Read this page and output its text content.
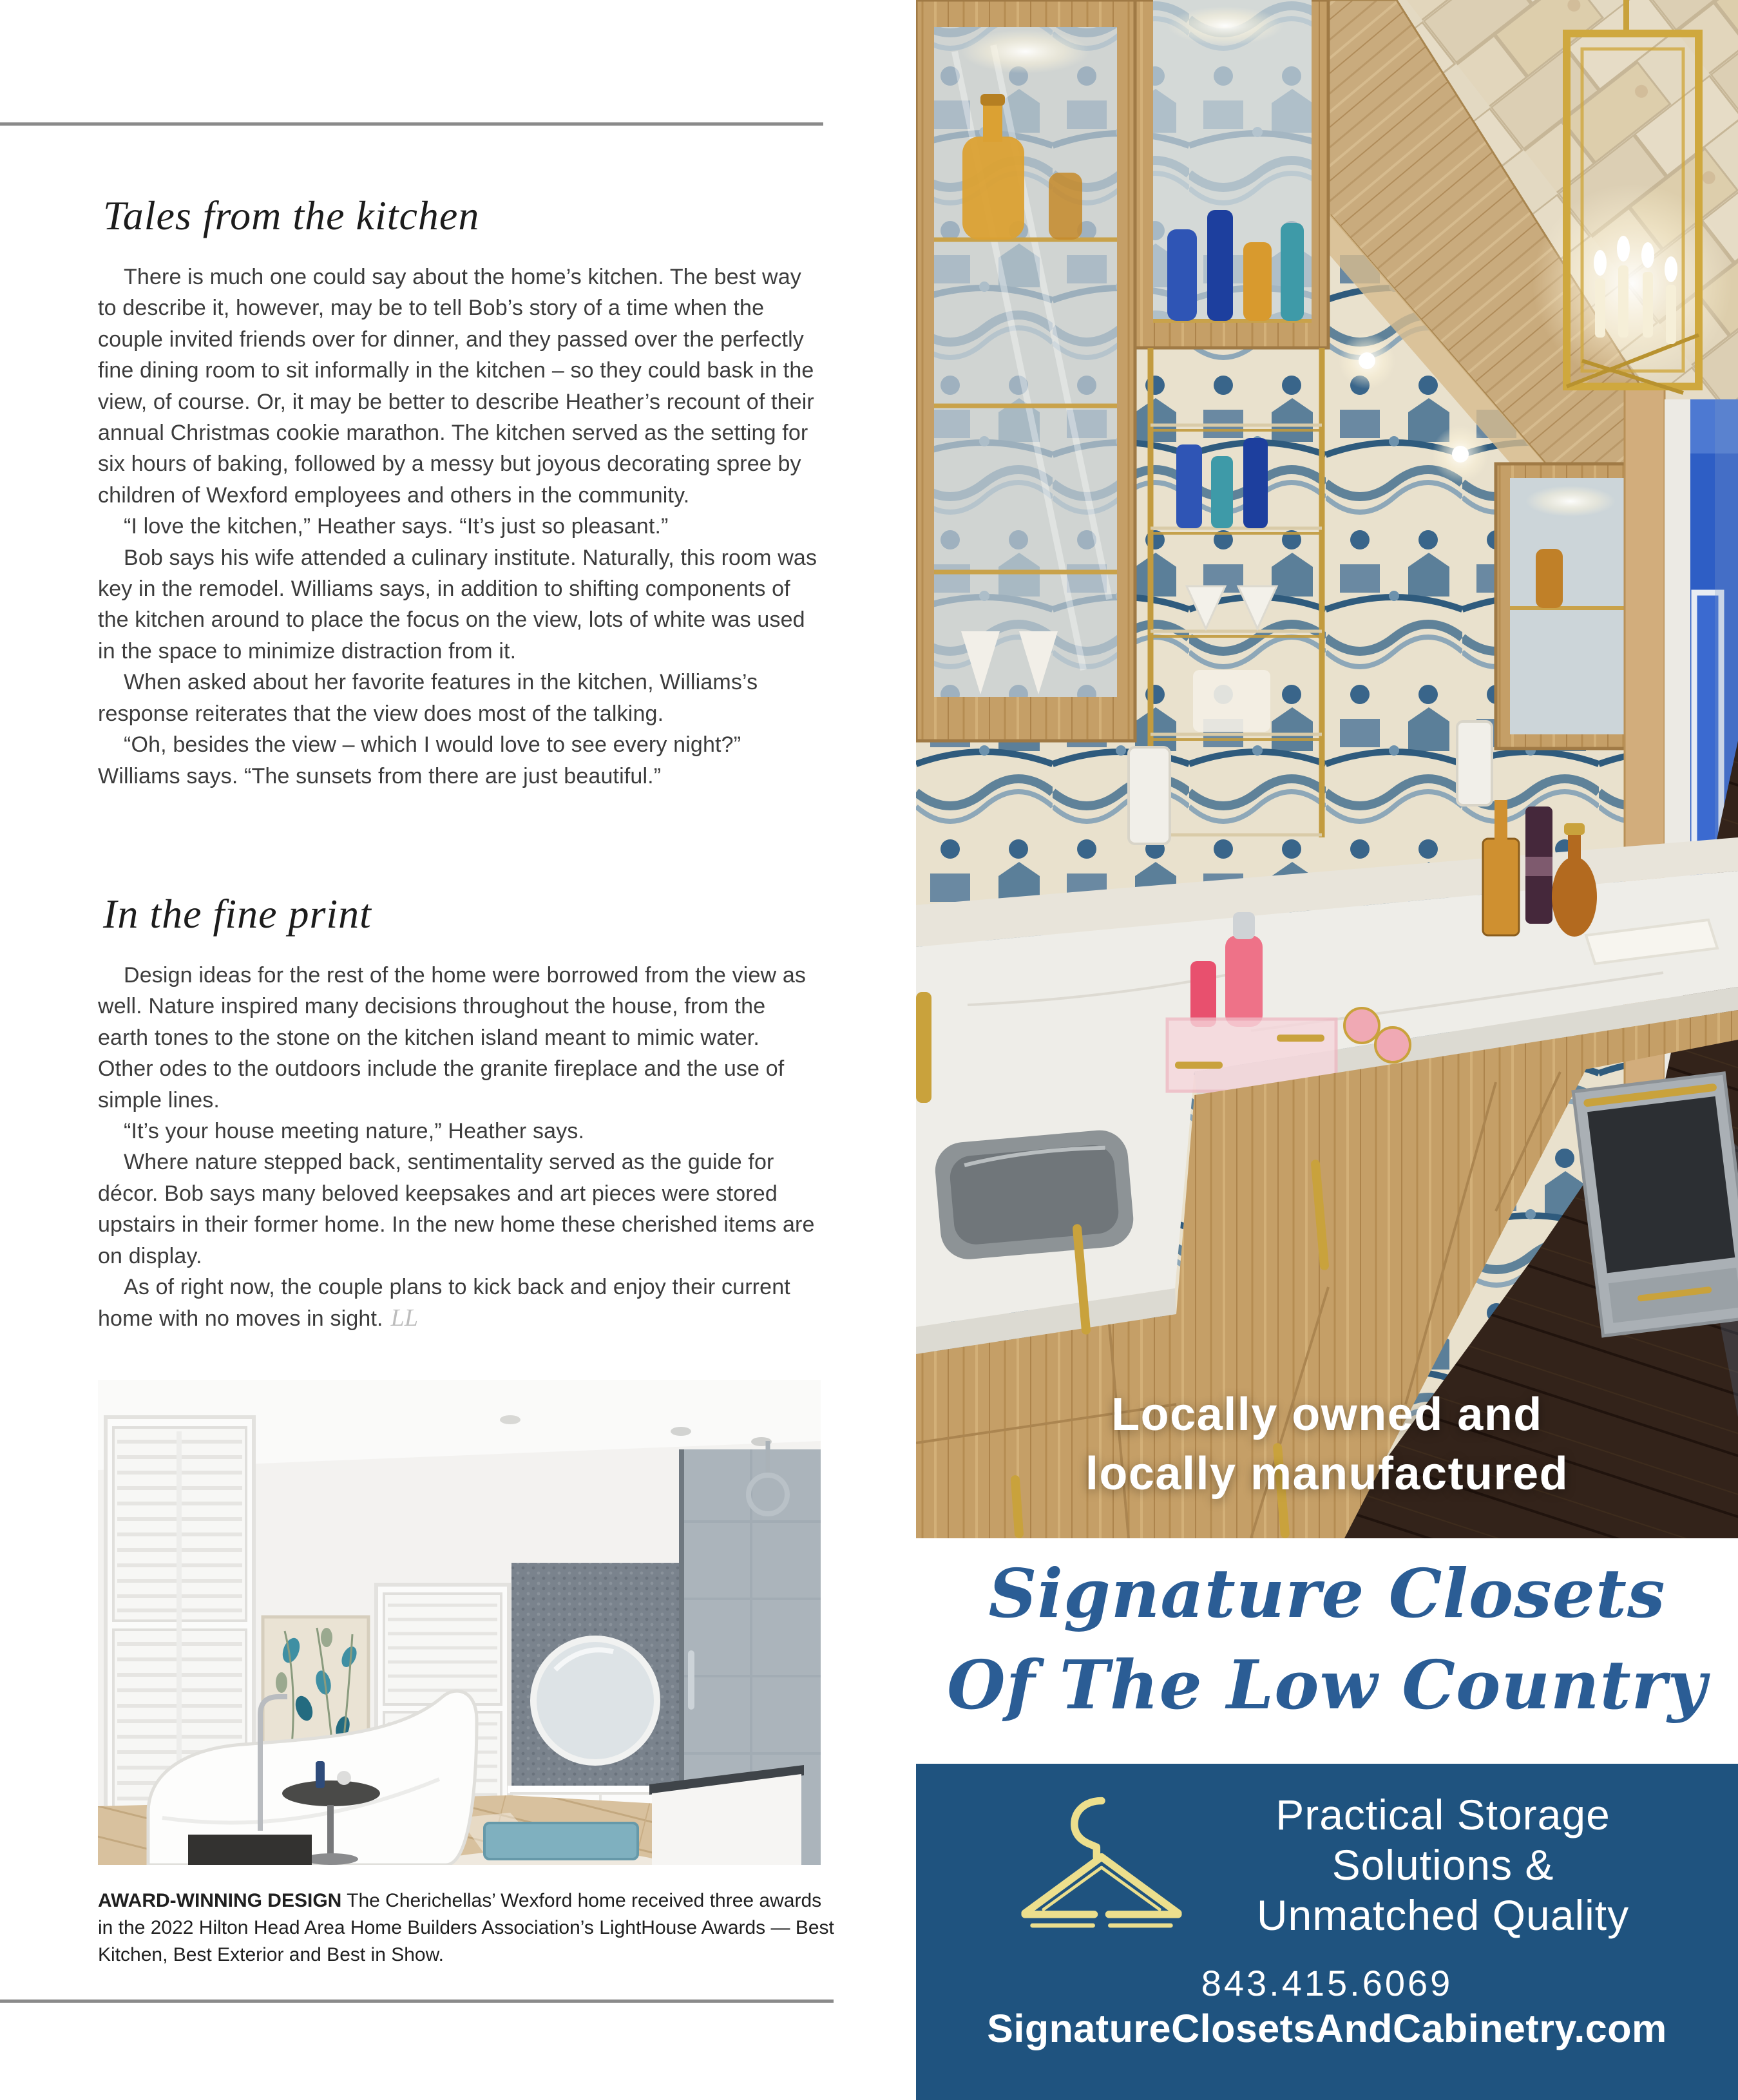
Tales from the kitchen

There is much one could say about the home’s kitchen. The best way to describe it, however, may be to tell Bob’s story of a time when the couple invited friends over for dinner, and they passed over the perfectly fine dining room to sit informally in the kitchen – so they could bask in the view, of course. Or, it may be better to describe Heather’s recount of their annual Christmas cookie marathon. The kitchen served as the setting for six hours of baking, followed by a messy but joyous decorating spree by children of Wexford employees and others in the community.

“I love the kitchen,” Heather says. “It’s just so pleasant.”

Bob says his wife attended a culinary institute. Naturally, this room was key in the remodel. Williams says, in addition to shifting components of the kitchen around to place the focus on the view, lots of white was used in the space to minimize distraction from it.

When asked about her favorite features in the kitchen, Williams’s response reiterates that the view does most of the talking.

“Oh, besides the view – which I would love to see every night?” Williams says. “The sunsets from there are just beautiful.”

In the fine print

Design ideas for the rest of the home were borrowed from the view as well. Nature inspired many decisions throughout the house, from the earth tones to the stone on the kitchen island meant to mimic water. Other odes to the outdoors include the granite fireplace and the use of simple lines.

“It’s your house meeting nature,” Heather says.

Where nature stepped back, sentimentality served as the guide for décor. Bob says many beloved keepsakes and art pieces were stored upstairs in their former home. In the new home these cherished items are on display.

As of right now, the couple plans to kick back and enjoy their current home with no moves in sight. LL

AWARD-WINNING DESIGN The Cherichellas’ Wexford home received three awards in the 2022 Hilton Head Area Home Builders Association’s LightHouse Awards — Best Kitchen, Best Exterior and Best in Show.
Locally owned and
locally manufactured
Signature Closets
Of The Low Country
Practical Storage
Solutions &
Unmatched Quality
843.415.6069
SignatureClosetsAndCabinetry.com
